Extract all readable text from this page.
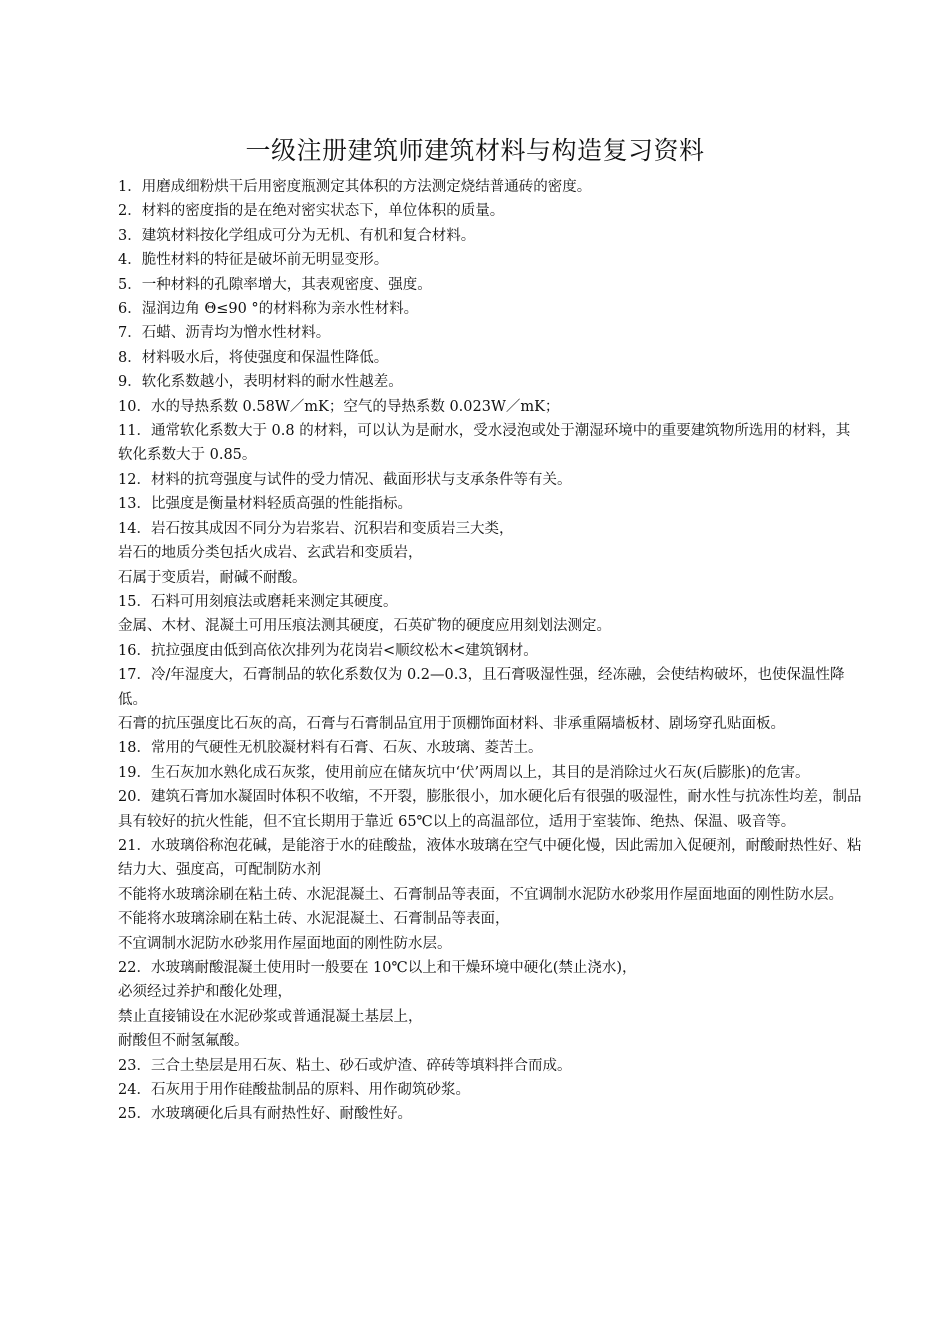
一级注册建筑师建筑材料与构造复习资料

1．用磨成细粉烘干后用密度瓶测定其体积的方法测定烧结普通砖的密度。

2．材料的密度指的是在绝对密实状态下，单位体积的质量。

3．建筑材料按化学组成可分为无机、有机和复合材料。

4．脆性材料的特征是破坏前无明显变形。

5．一种材料的孔隙率增大，其表观密度、强度。

6．湿润边角 Θ≤90 °的材料称为亲水性材料。

7．石蜡、沥青均为憎水性材料。

8．材料吸水后，将使强度和保温性降低。

9．软化系数越小，表明材料的耐水性越差。

10．水的导热系数 0.58W／mK；空气的导热系数 0.023W／mK；

11．通常软化系数大于 0.8 的材料，可以认为是耐水，受水浸泡或处于潮湿环境中的重要建筑物所选用的材料，其软化系数大于 0.85。

12．材料的抗弯强度与试件的受力情况、截面形状与支承条件等有关。

13．比强度是衡量材料轻质高强的性能指标。

14．岩石按其成因不同分为岩浆岩、沉积岩和变质岩三大类，

岩石的地质分类包括火成岩、玄武岩和变质岩，

石属于变质岩，耐碱不耐酸。

15．石料可用刻痕法或磨耗来测定其硬度。

金属、木材、混凝土可用压痕法测其硬度，石英矿物的硬度应用刻划法测定。

16．抗拉强度由低到高依次排列为花岗岩<顺纹松木<建筑钢材。

17．冷/年湿度大，石膏制品的软化系数仅为 0.2—0.3，且石膏吸湿性强，经冻融，会使结构破坏，也使保温性降低。

石膏的抗压强度比石灰的高，石膏与石膏制品宜用于顶棚饰面材料、非承重隔墙板材、剧场穿孔贴面板。

18．常用的气硬性无机胶凝材料有石膏、石灰、水玻璃、菱苦土。

19．生石灰加水熟化成石灰浆，使用前应在储灰坑中‘伏’两周以上，其目的是消除过火石灰(后膨胀)的危害。

20．建筑石膏加水凝固时体积不收缩，不开裂，膨胀很小，加水硬化后有很强的吸湿性，耐水性与抗冻性均差，制品具有较好的抗火性能，但不宜长期用于靠近 65℃以上的高温部位，适用于室装饰、绝热、保温、吸音等。

21．水玻璃俗称泡花碱，是能溶于水的硅酸盐，液体水玻璃在空气中硬化慢，因此需加入促硬剂，耐酸耐热性好、粘结力大、强度高，可配制防水剂

不能将水玻璃涂刷在粘土砖、水泥混凝土、石膏制品等表面，不宜调制水泥防水砂浆用作屋面地面的刚性防水层。

不能将水玻璃涂刷在粘土砖、水泥混凝土、石膏制品等表面，

不宜调制水泥防水砂浆用作屋面地面的刚性防水层。

22．水玻璃耐酸混凝土使用时一般要在 10℃以上和干燥环境中硬化(禁止浇水)，

必须经过养护和酸化处理，

禁止直接铺设在水泥砂浆或普通混凝土基层上，

耐酸但不耐氢氟酸。

23．三合土垫层是用石灰、粘土、砂石或炉渣、碎砖等填料拌合而成。

24．石灰用于用作硅酸盐制品的原料、用作砌筑砂浆。

25．水玻璃硬化后具有耐热性好、耐酸性好。
